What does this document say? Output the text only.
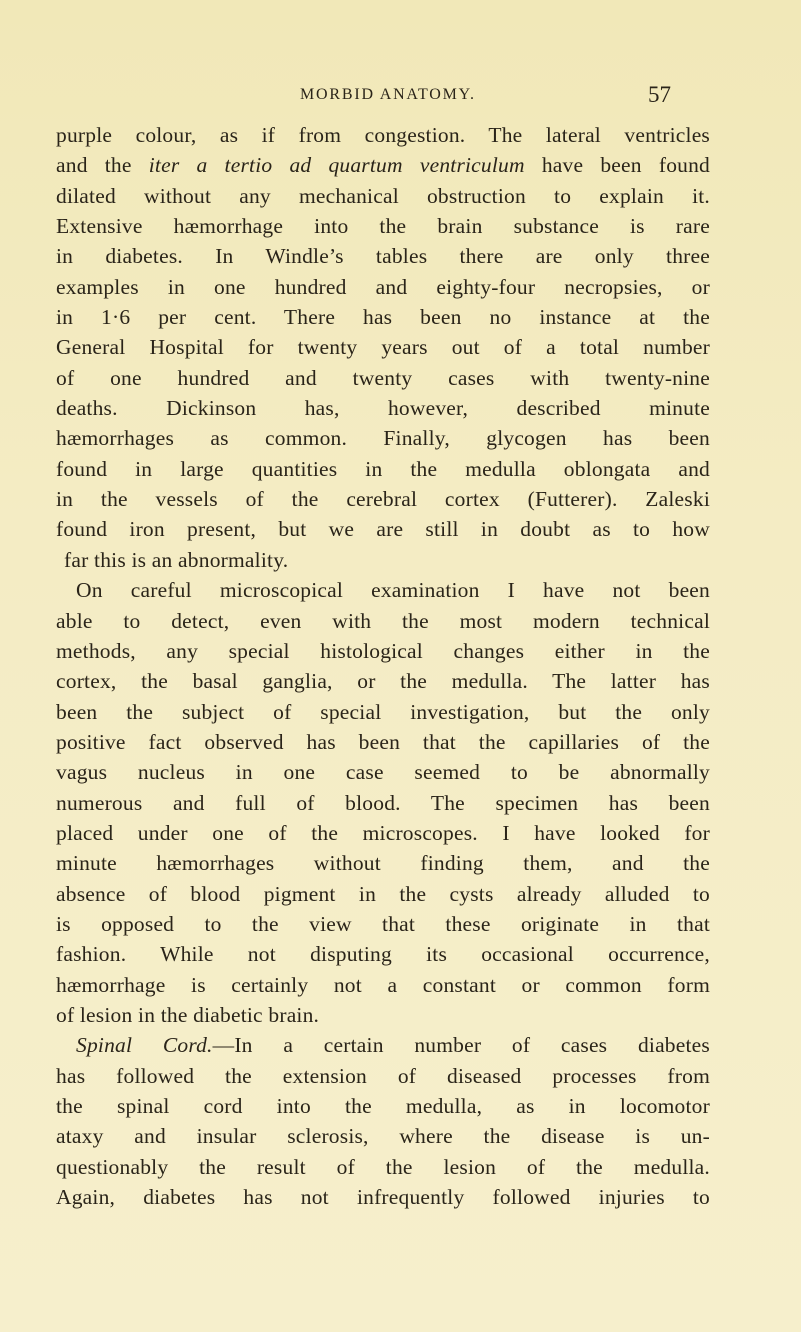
MORBID ANATOMY.	57
purple colour, as if from congestion. The lateral ventricles
and the iter a tertio ad quartum ventriculum have been found
dilated without any mechanical obstruction to explain it.
Extensive hæmorrhage into the brain substance is rare
in diabetes. In Windle’s tables there are only three
examples in one hundred and eighty-four necropsies, or
in 1·6 per cent. There has been no instance at the
General Hospital for twenty years out of a total number
of one hundred and twenty cases with twenty-nine
deaths. Dickinson has, however, described minute
hæmorrhages as common. Finally, glycogen has been
found in large quantities in the medulla oblongata and
in the vessels of the cerebral cortex (Futterer). Zaleski
found iron present, but we are still in doubt as to how
far this is an abnormality.
On careful microscopical examination I have not been
able to detect, even with the most modern technical
methods, any special histological changes either in the
cortex, the basal ganglia, or the medulla. The latter has
been the subject of special investigation, but the only
positive fact observed has been that the capillaries of the
vagus nucleus in one case seemed to be abnormally
numerous and full of blood. The specimen has been
placed under one of the microscopes. I have looked for
minute hæmorrhages without finding them, and the
absence of blood pigment in the cysts already alluded to
is opposed to the view that these originate in that
fashion. While not disputing its occasional occurrence,
hæmorrhage is certainly not a constant or common form
of lesion in the diabetic brain.
Spinal Cord.—In a certain number of cases diabetes
has followed the extension of diseased processes from
the spinal cord into the medulla, as in locomotor
ataxy and insular sclerosis, where the disease is un-
questionably the result of the lesion of the medulla.
Again, diabetes has not infrequently followed injuries to
